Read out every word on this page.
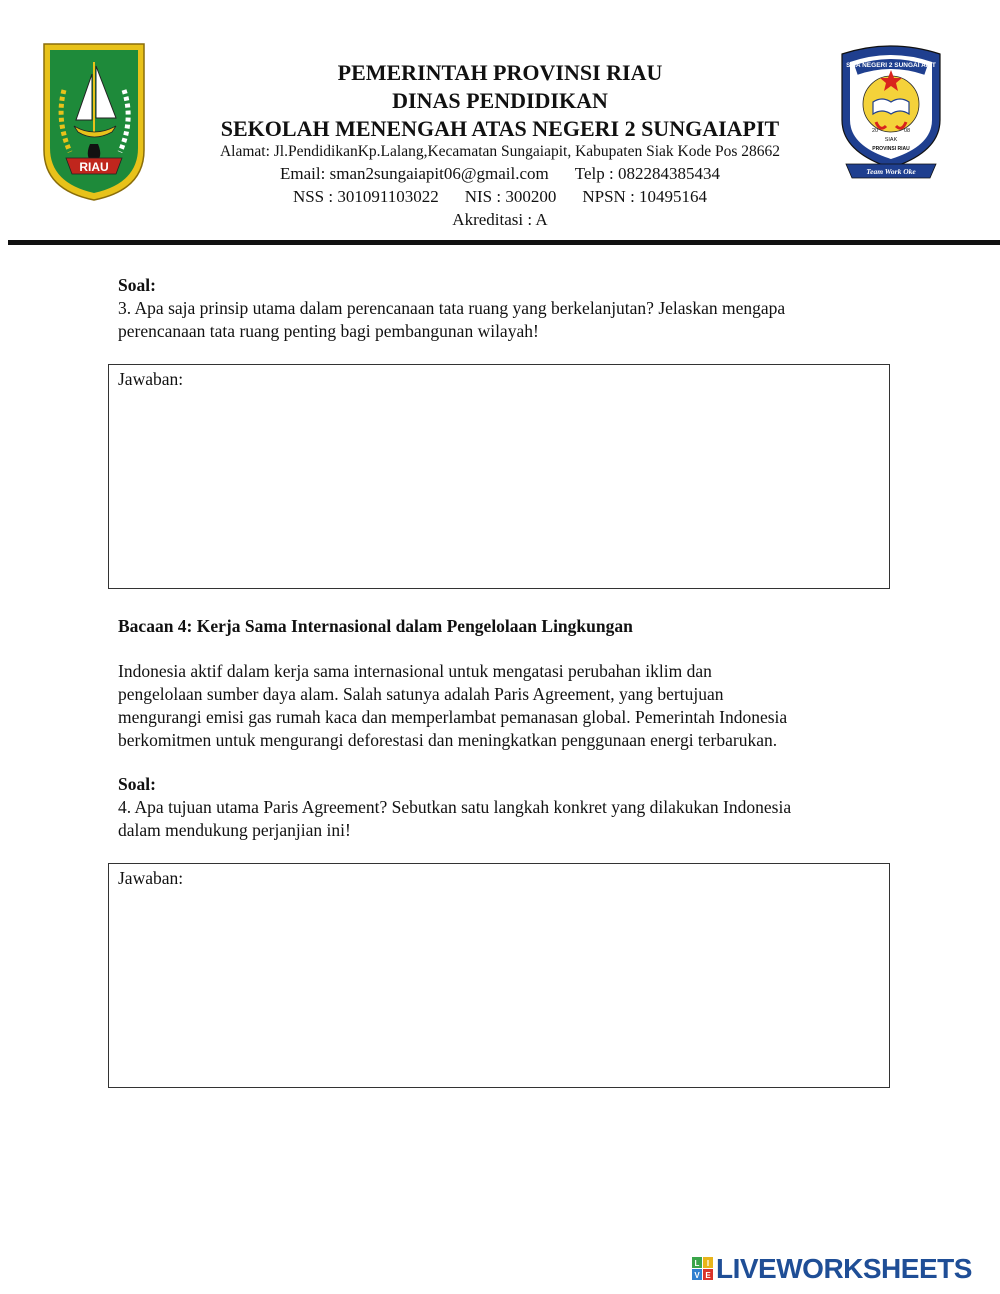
RIAU
SMA NEGERI 2 SUNGAI APIT
20	08
SIAK
PROVINSI RIAU
Team Work Oke
PEMERINTAH PROVINSI RIAU
DINAS PENDIDIKAN
SEKOLAH MENENGAH ATAS NEGERI 2 SUNGAIAPIT
Alamat: Jl.PendidikanKp.Lalang,Kecamatan Sungaiapit, Kabupaten Siak Kode Pos 28662
Email: sman2sungaiapit06@gmail.com Telp : 082284385434
NSS : 301091103022 NIS : 300200 NPSN : 10495164
Akreditasi : A

Soal:

3. Apa saja prinsip utama dalam perencanaan tata ruang yang berkelanjutan? Jelaskan mengapa

perencanaan tata ruang penting bagi pembangunan wilayah!

Jawaban:
Bacaan 4: Kerja Sama Internasional dalam Pengelolaan Lingkungan

Indonesia aktif dalam kerja sama internasional untuk mengatasi perubahan iklim dan

pengelolaan sumber daya alam. Salah satunya adalah Paris Agreement, yang bertujuan

mengurangi emisi gas rumah kaca dan memperlambat pemanasan global. Pemerintah Indonesia

berkomitmen untuk mengurangi deforestasi dan meningkatkan penggunaan energi terbarukan.

Soal:

4. Apa tujuan utama Paris Agreement? Sebutkan satu langkah konkret yang dilakukan Indonesia

dalam mendukung perjanjian ini!

Jawaban:
L I
V E LIVEWORKSHEETS
